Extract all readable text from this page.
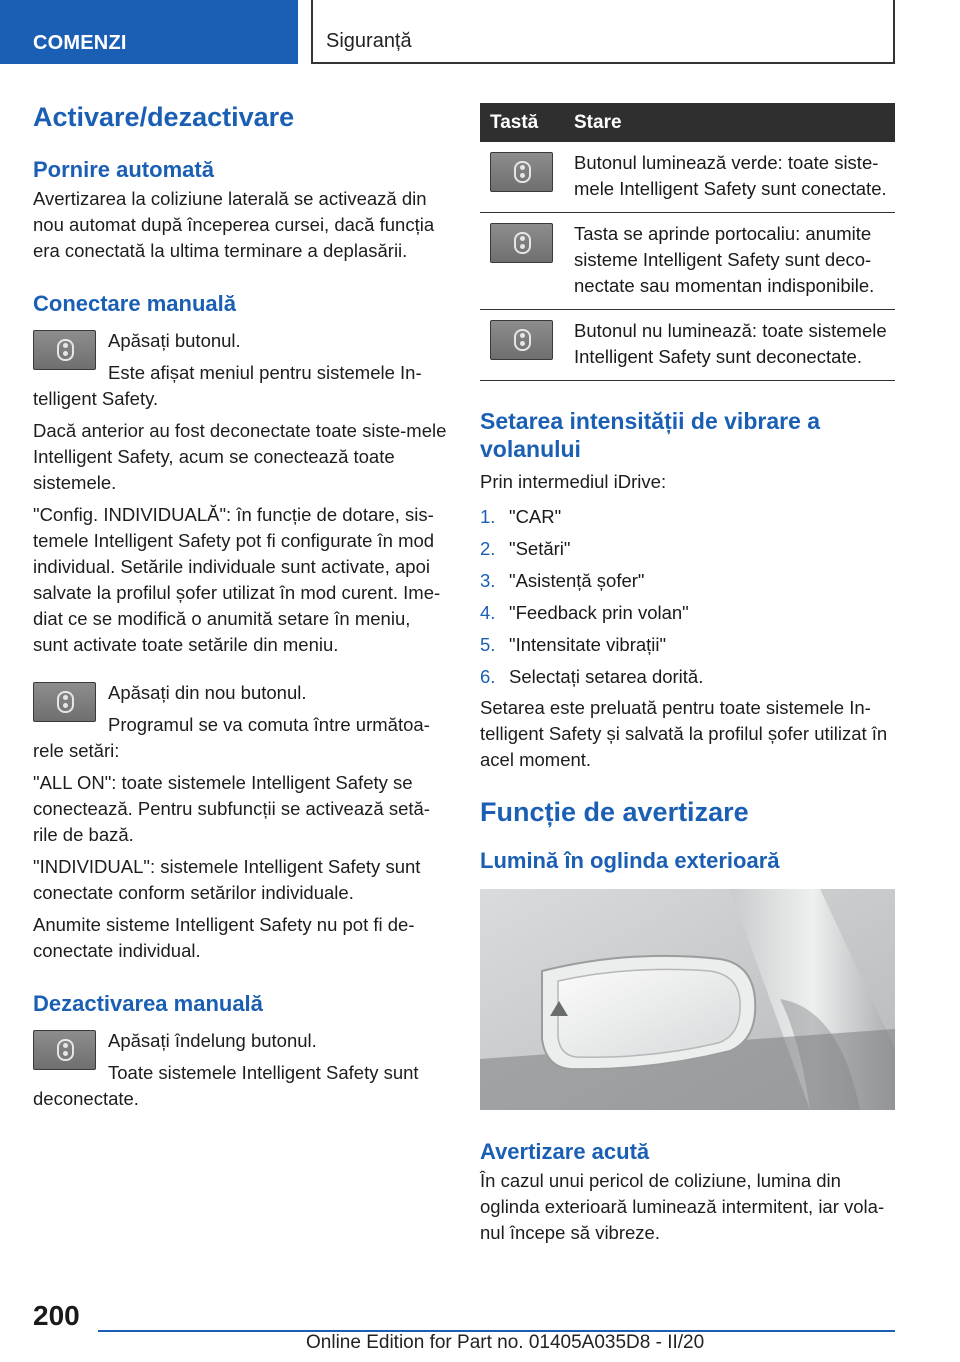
COMENZI	Siguranță
Activare/dezactivare
Pornire automată

Avertizarea la coliziune laterală se activează din nou automat după începerea cursei, dacă funcția era conectată la ultima terminare a deplasării.

Conectare manuală

Apăsați butonul.

Este afișat meniul pentru sistemele In-telligent Safety.

Dacă anterior au fost deconectate toate siste-mele Intelligent Safety, acum se conectează toate sistemele.

"Config. INDIVIDUALĂ": în funcție de dotare, sis-temele Intelligent Safety pot fi configurate în mod individual. Setările individuale sunt activate, apoi salvate la profilul șofer utilizat în mod curent. Ime-diat ce se modifică o anumită setare în meniu, sunt activate toate setările din meniu.

Apăsați din nou butonul.

Programul se va comuta între următoa-rele setări:

"ALL ON": toate sistemele Intelligent Safety se conectează. Pentru subfuncții se activează setă-rile de bază.

"INDIVIDUAL": sistemele Intelligent Safety sunt conectate conform setărilor individuale.

Anumite sisteme Intelligent Safety nu pot fi de-conectate individual.

Dezactivarea manuală

Apăsați îndelung butonul.

Toate sistemele Intelligent Safety sunt deconectate.

Tastă	Stare

	Butonul luminează verde: toate siste-mele Intelligent Safety sunt conectate.

	Tasta se aprinde portocaliu: anumite sisteme Intelligent Safety sunt deco-nectate sau momentan indisponibile.

	Butonul nu luminează: toate sistemele Intelligent Safety sunt deconectate.
Setarea intensității de vibrare a volanului

Prin intermediul iDrive:

1. "CAR"
2. "Setări"
3. "Asistență șofer"
4. "Feedback prin volan"
5. "Intensitate vibrații"
6. Selectați setarea dorită.

Setarea este preluată pentru toate sistemele In-telligent Safety și salvată la profilul șofer utilizat în acel moment.

Funcție de avertizare
Lumină în oglinda exterioară
Avertizare acută

În cazul unui pericol de coliziune, lumina din oglinda exterioară luminează intermitent, iar vola-nul începe să vibreze.

200
Online Edition for Part no. 01405A035D8 - II/20
